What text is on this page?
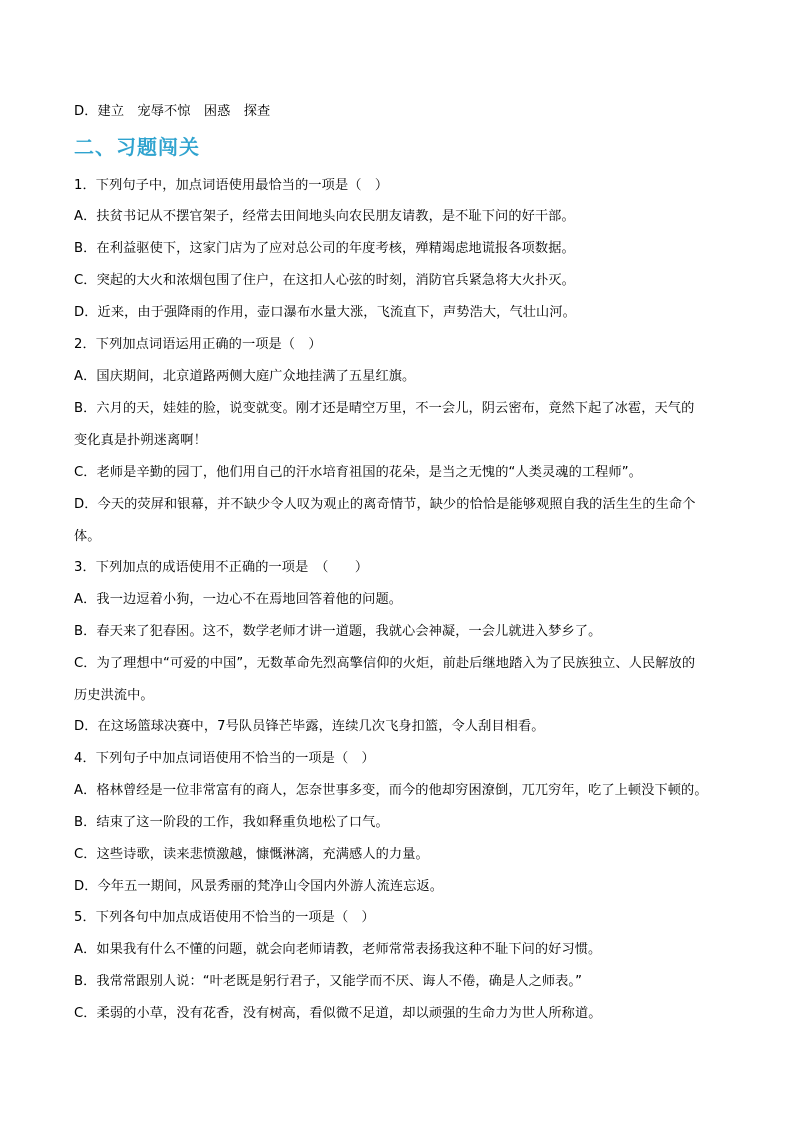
D．建立　宠辱不惊　困惑　探查
二、习题闯关
1．下列句子中，加点词语使用最恰当的一项是（　）
A．扶贫书记从不摆官架子，经常去田间地头向农民朋友请教，是不耻下问的好干部。
B．在利益驱使下，这家门店为了应对总公司的年度考核，殚精竭虑地谎报各项数据。
C．突起的大火和浓烟包围了住户，在这扣人心弦的时刻，消防官兵紧急将大火扑灭。
D．近来，由于强降雨的作用，壶口瀑布水量大涨，飞流直下，声势浩大，气壮山河。
2．下列加点词语运用正确的一项是（　）
A．国庆期间，北京道路两侧大庭广众地挂满了五星红旗。
B．六月的天，娃娃的脸，说变就变。刚才还是晴空万里，不一会儿，阴云密布，竟然下起了冰雹，天气的
变化真是扑朔迷离啊！
C．老师是辛勤的园丁，他们用自己的汗水培育祖国的花朵，是当之无愧的“人类灵魂的工程师”。
D．今天的荧屏和银幕，并不缺少令人叹为观止的离奇情节，缺少的恰恰是能够观照自我的活生生的生命个
体。
3．下列加点的成语使用不正确的一项是　（　　）
A．我一边逗着小狗，一边心不在焉地回答着他的问题。
B．春天来了犯春困。这不，数学老师才讲一道题，我就心会神凝，一会儿就进入梦乡了。
C．为了理想中“可爱的中国”，无数革命先烈高擎信仰的火炬，前赴后继地踏入为了民族独立、人民解放的
历史洪流中。
D．在这场篮球决赛中，7号队员锋芒毕露，连续几次飞身扣篮，令人刮目相看。
4．下列句子中加点词语使用不恰当的一项是（　）
A．格林曾经是一位非常富有的商人，怎奈世事多变，而今的他却穷困潦倒，兀兀穷年，吃了上顿没下顿的。
B．结束了这一阶段的工作，我如释重负地松了口气。
C．这些诗歌，读来悲愤激越，慷慨淋漓，充满感人的力量。
D．今年五一期间，风景秀丽的梵净山令国内外游人流连忘返。
5．下列各句中加点成语使用不恰当的一项是（　）
A．如果我有什么不懂的问题，就会向老师请教，老师常常表扬我这种不耻下问的好习惯。
B．我常常跟别人说：“叶老既是躬行君子，又能学而不厌、诲人不倦，确是人之师表。”
C．柔弱的小草，没有花香，没有树高，看似微不足道，却以顽强的生命力为世人所称道。
